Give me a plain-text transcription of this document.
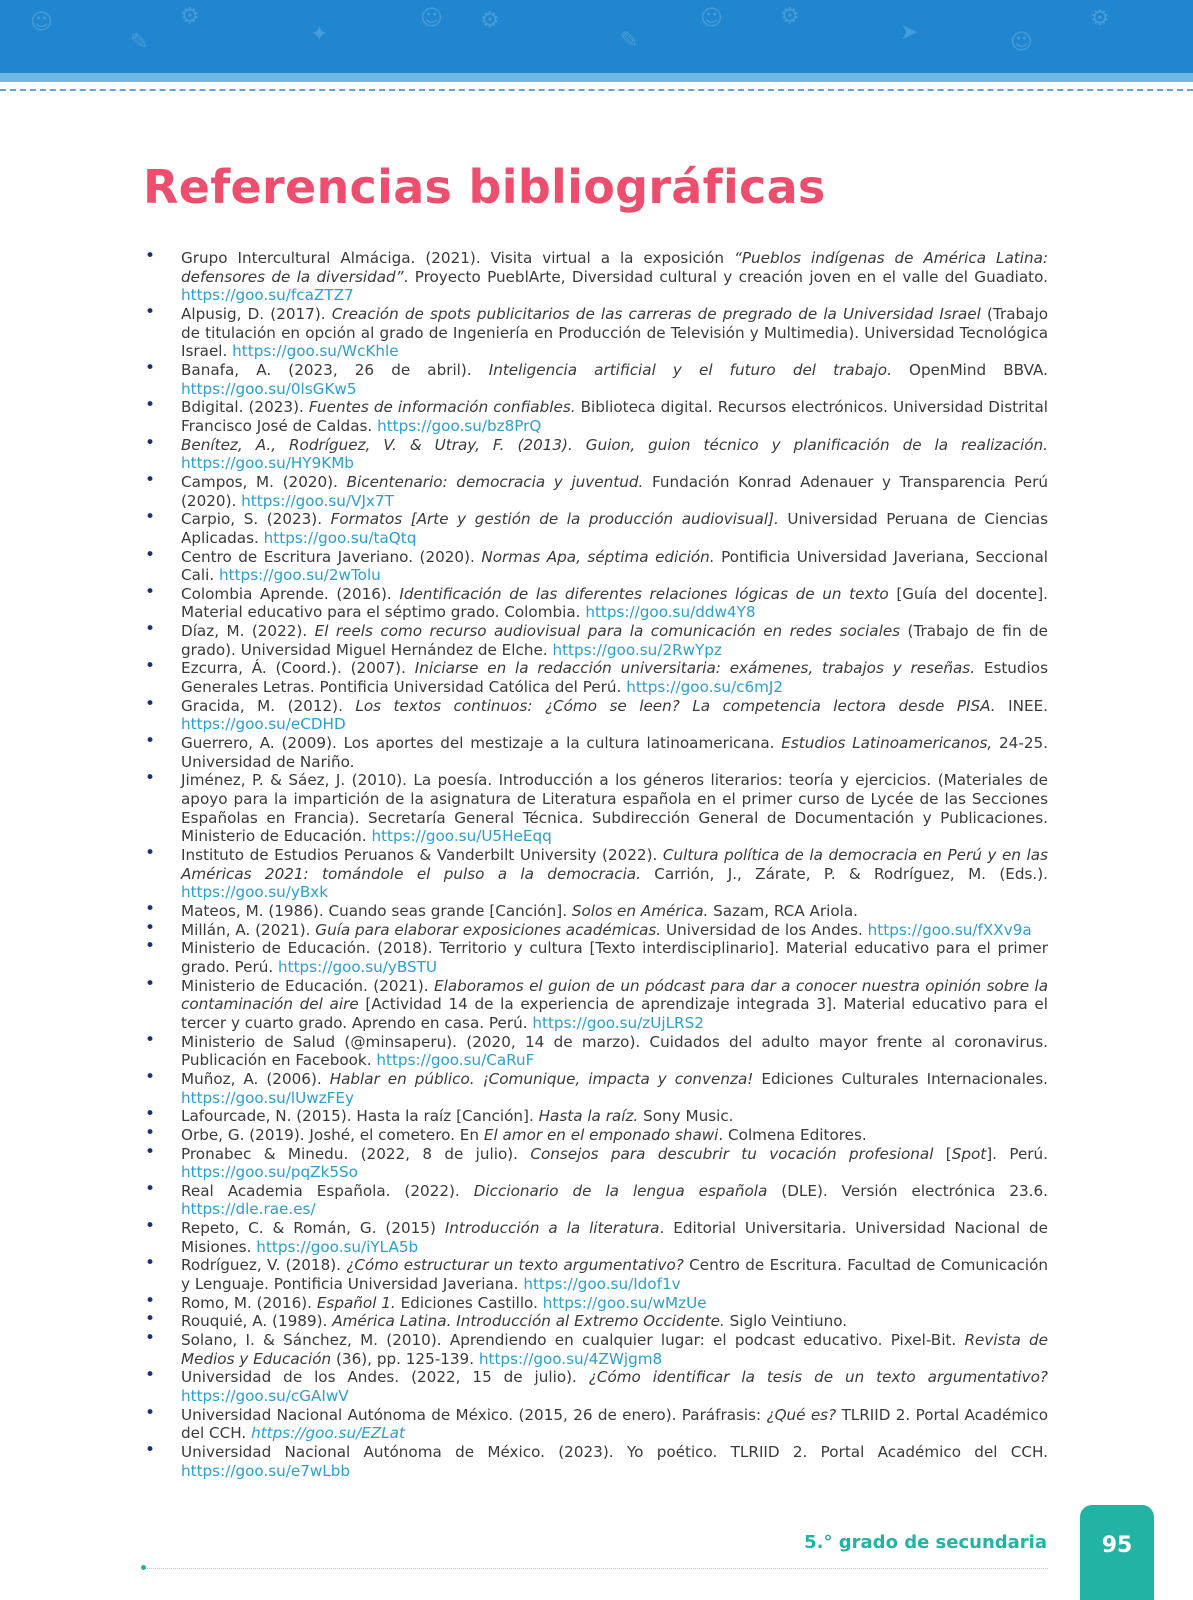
☺
✎
⚙
✦
☺ ⚙
✎
☺	⚙
➤	☺
⚙
Referencias bibliográficas
• Grupo Intercultural Almáciga. (2021). Visita virtual a la exposición “Pueblos indígenas de América Latina: defensores de la diversidad”. Proyecto PueblArte, Diversidad cultural y creación joven en el valle del Guadiato. https://goo.su/fcaZTZ7
• Alpusig, D. (2017). Creación de spots publicitarios de las carreras de pregrado de la Universidad Israel (Trabajo de titulación en opción al grado de Ingeniería en Producción de Televisión y Multimedia). Universidad Tecnológica Israel. https://goo.su/WcKhle
• Banafa, A. (2023, 26 de abril). Inteligencia artificial y el futuro del trabajo. OpenMind BBVA. https://goo.su/0lsGKw5
• Bdigital. (2023). Fuentes de información confiables. Biblioteca digital. Recursos electrónicos. Universidad Distrital Francisco José de Caldas. https://goo.su/bz8PrQ
• Benítez, A., Rodríguez, V. & Utray, F. (2013). Guion, guion técnico y planificación de la realización. https://goo.su/HY9KMb
• Campos, M. (2020). Bicentenario: democracia y juventud. Fundación Konrad Adenauer y Transparencia Perú (2020). https://goo.su/VJx7T
• Carpio, S. (2023). Formatos [Arte y gestión de la producción audiovisual]. Universidad Peruana de Ciencias Aplicadas. https://goo.su/taQtq
• Centro de Escritura Javeriano. (2020). Normas Apa, séptima edición. Pontificia Universidad Javeriana, Seccional Cali. https://goo.su/2wTolu
• Colombia Aprende. (2016). Identificación de las diferentes relaciones lógicas de un texto [Guía del docente]. Material educativo para el séptimo grado. Colombia. https://goo.su/ddw4Y8
• Díaz, M. (2022). El reels como recurso audiovisual para la comunicación en redes sociales (Trabajo de fin de grado). Universidad Miguel Hernández de Elche. https://goo.su/2RwYpz
• Ezcurra, Á. (Coord.). (2007). Iniciarse en la redacción universitaria: exámenes, trabajos y reseñas. Estudios Generales Letras. Pontificia Universidad Católica del Perú. https://goo.su/c6mJ2
• Gracida, M. (2012). Los textos continuos: ¿Cómo se leen? La competencia lectora desde PISA. INEE. https://goo.su/eCDHD
• Guerrero, A. (2009). Los aportes del mestizaje a la cultura latinoamericana. Estudios Latinoamericanos, 24-25. Universidad de Nariño.
• Jiménez, P. & Sáez, J. (2010). La poesía. Introducción a los géneros literarios: teoría y ejercicios. (Materiales de apoyo para la impartición de la asignatura de Literatura española en el primer curso de Lycée de las Secciones Españolas en Francia). Secretaría General Técnica. Subdirección General de Documentación y Publicaciones. Ministerio de Educación. https://goo.su/U5HeEqq
• Instituto de Estudios Peruanos & Vanderbilt University (2022). Cultura política de la democracia en Perú y en las Américas 2021: tomándole el pulso a la democracia. Carrión, J., Zárate, P. & Rodríguez, M. (Eds.). https://goo.su/yBxk
• Mateos, M. (1986). Cuando seas grande [Canción]. Solos en América. Sazam, RCA Ariola.
• Millán, A. (2021). Guía para elaborar exposiciones académicas. Universidad de los Andes. https://goo.su/fXXv9a
• Ministerio de Educación. (2018). Territorio y cultura [Texto interdisciplinario]. Material educativo para el primer grado. Perú. https://goo.su/yBSTU
• Ministerio de Educación. (2021). Elaboramos el guion de un pódcast para dar a conocer nuestra opinión sobre la contaminación del aire [Actividad 14 de la experiencia de aprendizaje integrada 3]. Material educativo para el tercer y cuarto grado. Aprendo en casa. Perú. https://goo.su/zUjLRS2
• Ministerio de Salud (@minsaperu). (2020, 14 de marzo). Cuidados del adulto mayor frente al coronavirus. Publicación en Facebook. https://goo.su/CaRuF
• Muñoz, A. (2006). Hablar en público. ¡Comunique, impacta y convenza! Ediciones Culturales Internacionales. https://goo.su/lUwzFEy
• Lafourcade, N. (2015). Hasta la raíz [Canción]. Hasta la raíz. Sony Music.
• Orbe, G. (2019). Joshé, el cometero. En El amor en el emponado shawi. Colmena Editores.
• Pronabec & Minedu. (2022, 8 de julio). Consejos para descubrir tu vocación profesional [Spot]. Perú. https://goo.su/pqZk5So
• Real Academia Española. (2022). Diccionario de la lengua española (DLE). Versión electrónica 23.6. https://dle.rae.es/
• Repeto, C. & Román, G. (2015) Introducción a la literatura. Editorial Universitaria. Universidad Nacional de Misiones. https://goo.su/iYLA5b
• Rodríguez, V. (2018). ¿Cómo estructurar un texto argumentativo? Centro de Escritura. Facultad de Comunicación y Lenguaje. Pontificia Universidad Javeriana. https://goo.su/Idof1v
• Romo, M. (2016). Español 1. Ediciones Castillo. https://goo.su/wMzUe
• Rouquié, A. (1989). América Latina. Introducción al Extremo Occidente. Siglo Veintiuno.
• Solano, I. & Sánchez, M. (2010). Aprendiendo en cualquier lugar: el podcast educativo. Pixel-Bit. Revista de Medios y Educación (36), pp. 125-139. https://goo.su/4ZWjgm8
• Universidad de los Andes. (2022, 15 de julio). ¿Cómo identificar la tesis de un texto argumentativo? https://goo.su/cGAIwV
• Universidad Nacional Autónoma de México. (2015, 26 de enero). Paráfrasis: ¿Qué es? TLRIID 2. Portal Académico del CCH. https://goo.su/EZLat
• Universidad Nacional Autónoma de México. (2023). Yo poético. TLRIID 2. Portal Académico del CCH. https://goo.su/e7wLbb
5.° grado de secundaria	95
